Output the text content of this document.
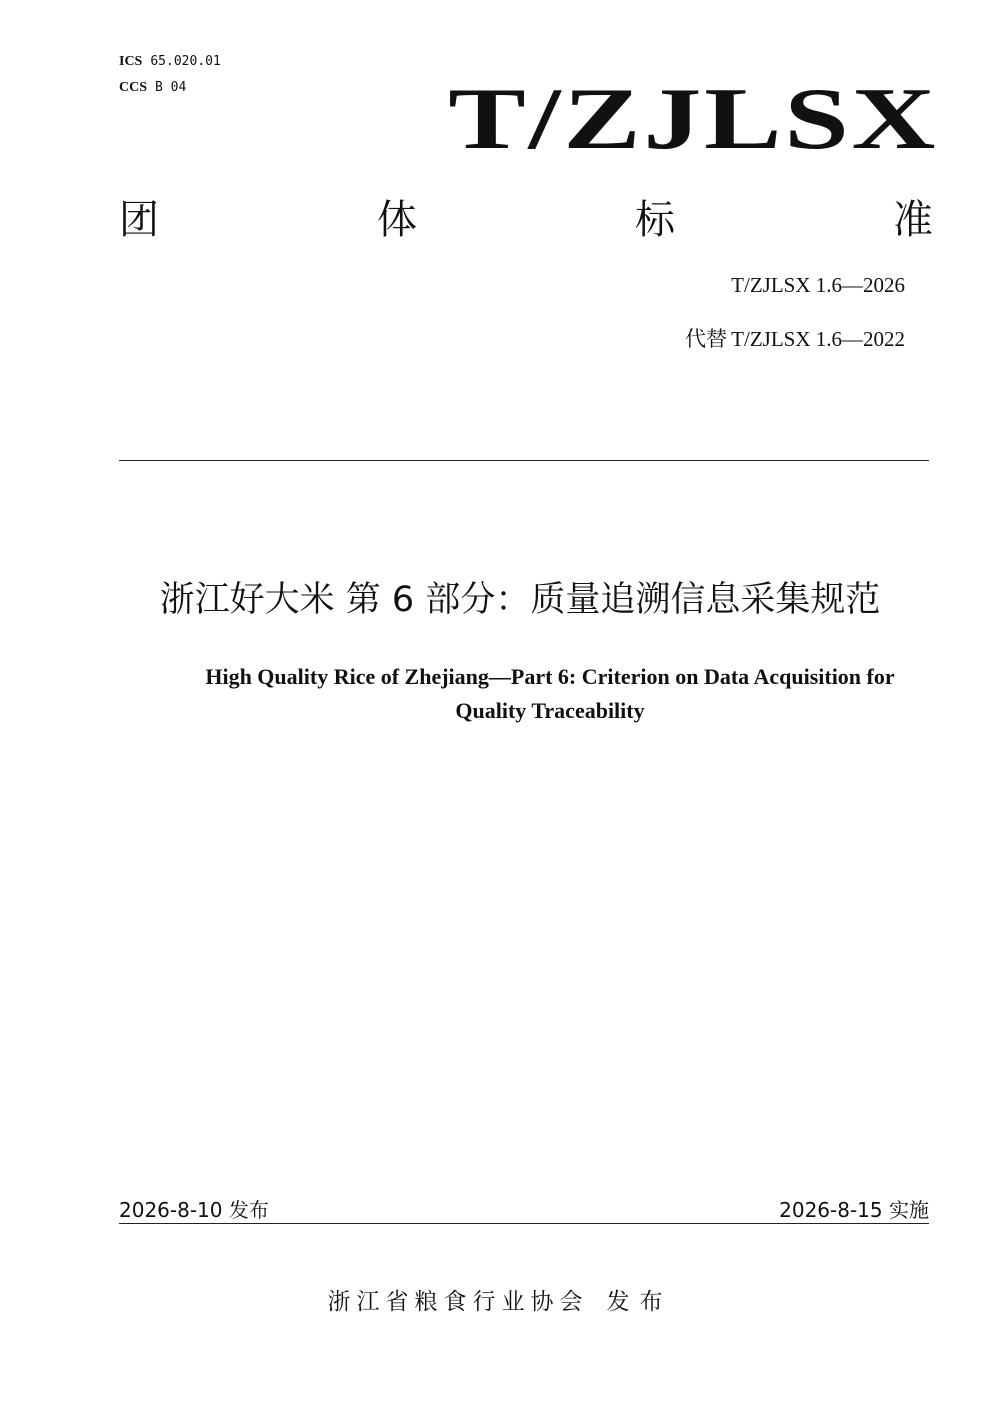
ICS 65.020.01
CCS B 04	T/ZJLSX
团	体	标	准
T/ZJLSX 1.6—2026
代替 T/ZJLSX 1.6—2022
浙江好大米 第 6 部分：质量追溯信息采集规范
High Quality Rice of Zhejiang—Part 6: Criterion on Data Acquisition for
Quality Traceability
2026-8-10 发布	2026-8-15 实施
浙江省粮食行业协会 发布
